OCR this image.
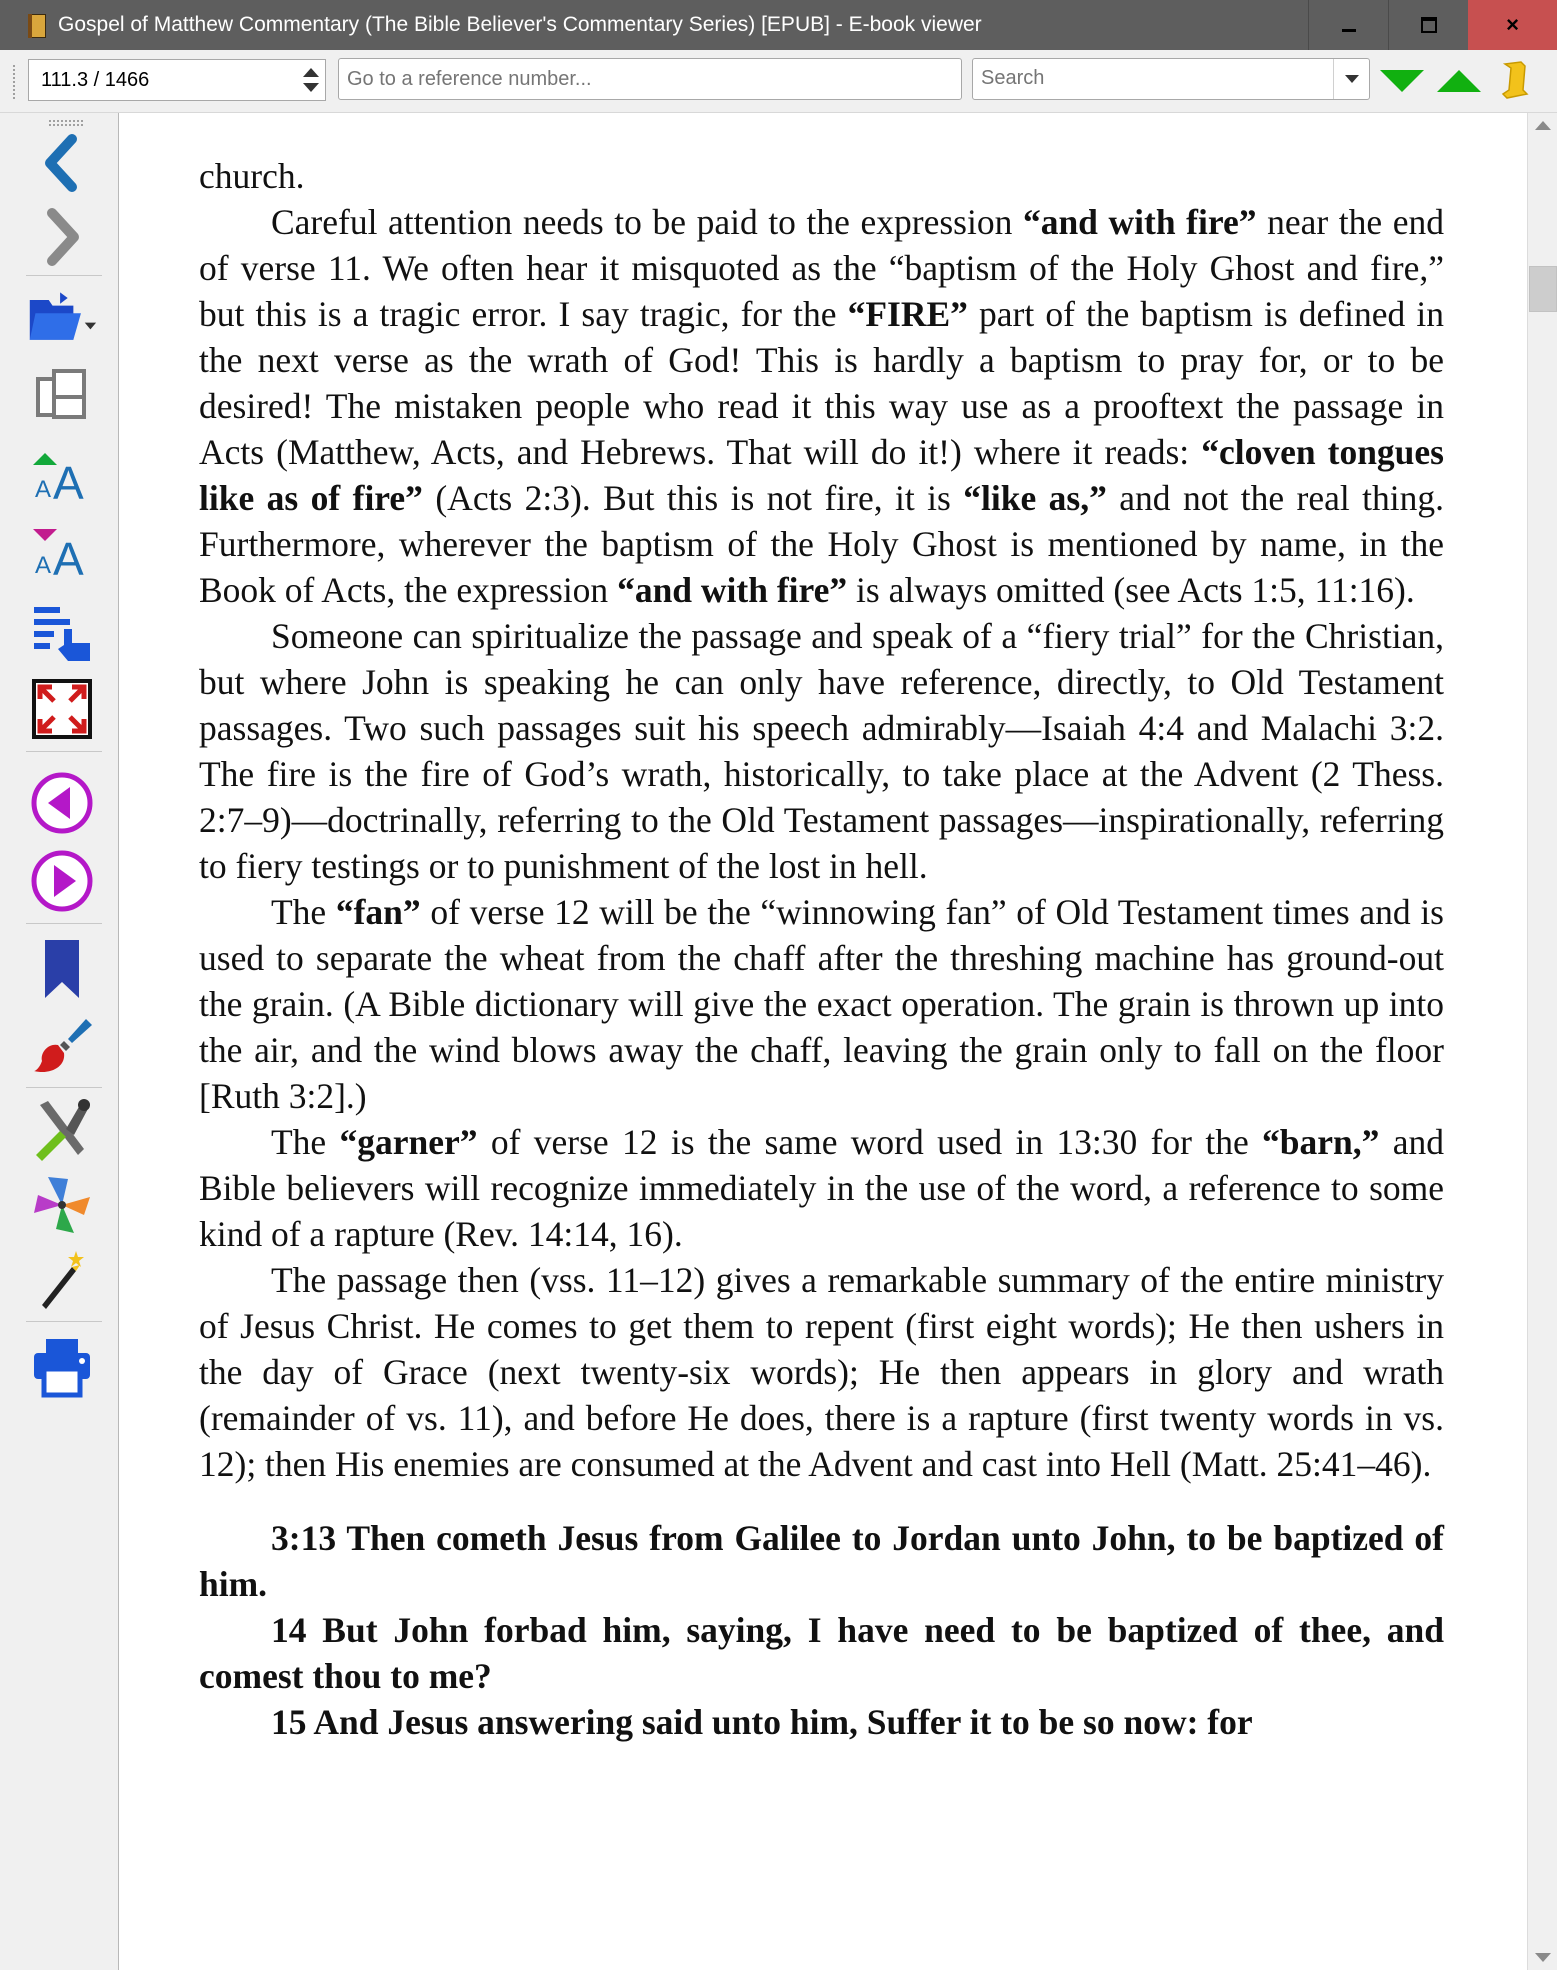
Gospel of Matthew Commentary (The Bible Believer's Commentary Series) [EPUB] - E-book viewer	×
111.3 / 1466
Go to a reference number...
Search
A A
A A

church.

Careful attention needs to be paid to the expression “and with fire” near the end of verse 11. We often hear it misquoted as the “baptism of the Holy Ghost and fire,” but this is a tragic error. I say tragic, for the “FIRE” part of the baptism is defined in the next verse as the wrath of God! This is hardly a baptism to pray for, or to be desired! The mistaken people who read it this way use as a prooftext the passage in Acts (Matthew, Acts, and Hebrews. That will do it!) where it reads: “cloven tongues like as of fire” (Acts 2:3). But this is not fire, it is “like as,” and not the real thing. Furthermore, wherever the baptism of the Holy Ghost is mentioned by name, in the Book of Acts, the expression “and with fire” is always omitted (see Acts 1:5, 11:16).

Someone can spiritualize the passage and speak of a “fiery trial” for the Christian, but where John is speaking he can only have reference, directly, to Old Testament passages. Two such passages suit his speech admirably—Isaiah 4:4 and Malachi 3:2. The fire is the fire of God’s wrath, historically, to take place at the Advent (2 Thess. 2:7–9)—doctrinally, referring to the Old Testament passages—inspirationally, referring to fiery testings or to punishment of the lost in hell.

The “fan” of verse 12 will be the “winnowing fan” of Old Testament times and is used to separate the wheat from the chaff after the threshing machine has ground-out the grain. (A Bible dictionary will give the exact operation. The grain is thrown up into the air, and the wind blows away the chaff, leaving the grain only to fall on the floor [Ruth 3:2].)

The “garner” of verse 12 is the same word used in 13:30 for the “barn,” and Bible believers will recognize immediately in the use of the word, a reference to some kind of a rapture (Rev. 14:14, 16).

The passage then (vss. 11–12) gives a remarkable summary of the entire ministry of Jesus Christ. He comes to get them to repent (first eight words); He then ushers in the day of Grace (next twenty-six words); He then appears in glory and wrath (remainder of vs. 11), and before He does, there is a rapture (first twenty words in vs. 12); then His enemies are consumed at the Advent and cast into Hell (Matt. 25:41–46).

3:13 Then cometh Jesus from Galilee to Jordan unto John, to be baptized of him.

14 But John forbad him, saying, I have need to be baptized of thee, and comest thou to me?

15 And Jesus answering said unto him, Suffer it to be so now: for
